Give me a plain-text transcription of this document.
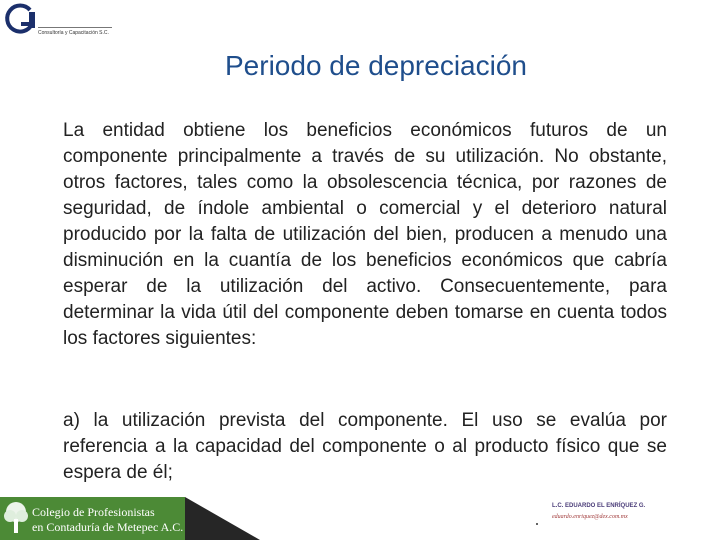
Consultoría y Capacitación S.C.
Periodo de depreciación

La entidad obtiene los beneficios económicos futuros de un componente principalmente a través de su utilización. No obstante, otros factores, tales como la obsolescencia técnica, por razones de seguridad, de índole ambiental o comercial y el deterioro natural producido por la falta de utilización del bien, producen a menudo una disminución en la cuantía de los beneficios económicos que cabría esperar de la utilización del activo. Consecuentemente, para determinar la vida útil del componente deben tomarse en cuenta todos los factores siguientes:

a) la utilización prevista del componente. El uso se evalúa por referencia a la capacidad del componente o al producto físico que se espera de él;

Colegio de Profesionistas
en Contaduría de Metepec A.C.
L.C. EDUARDO EL ENRÍQUEZ G.
eduardo.enriquez@dex.com.mx
